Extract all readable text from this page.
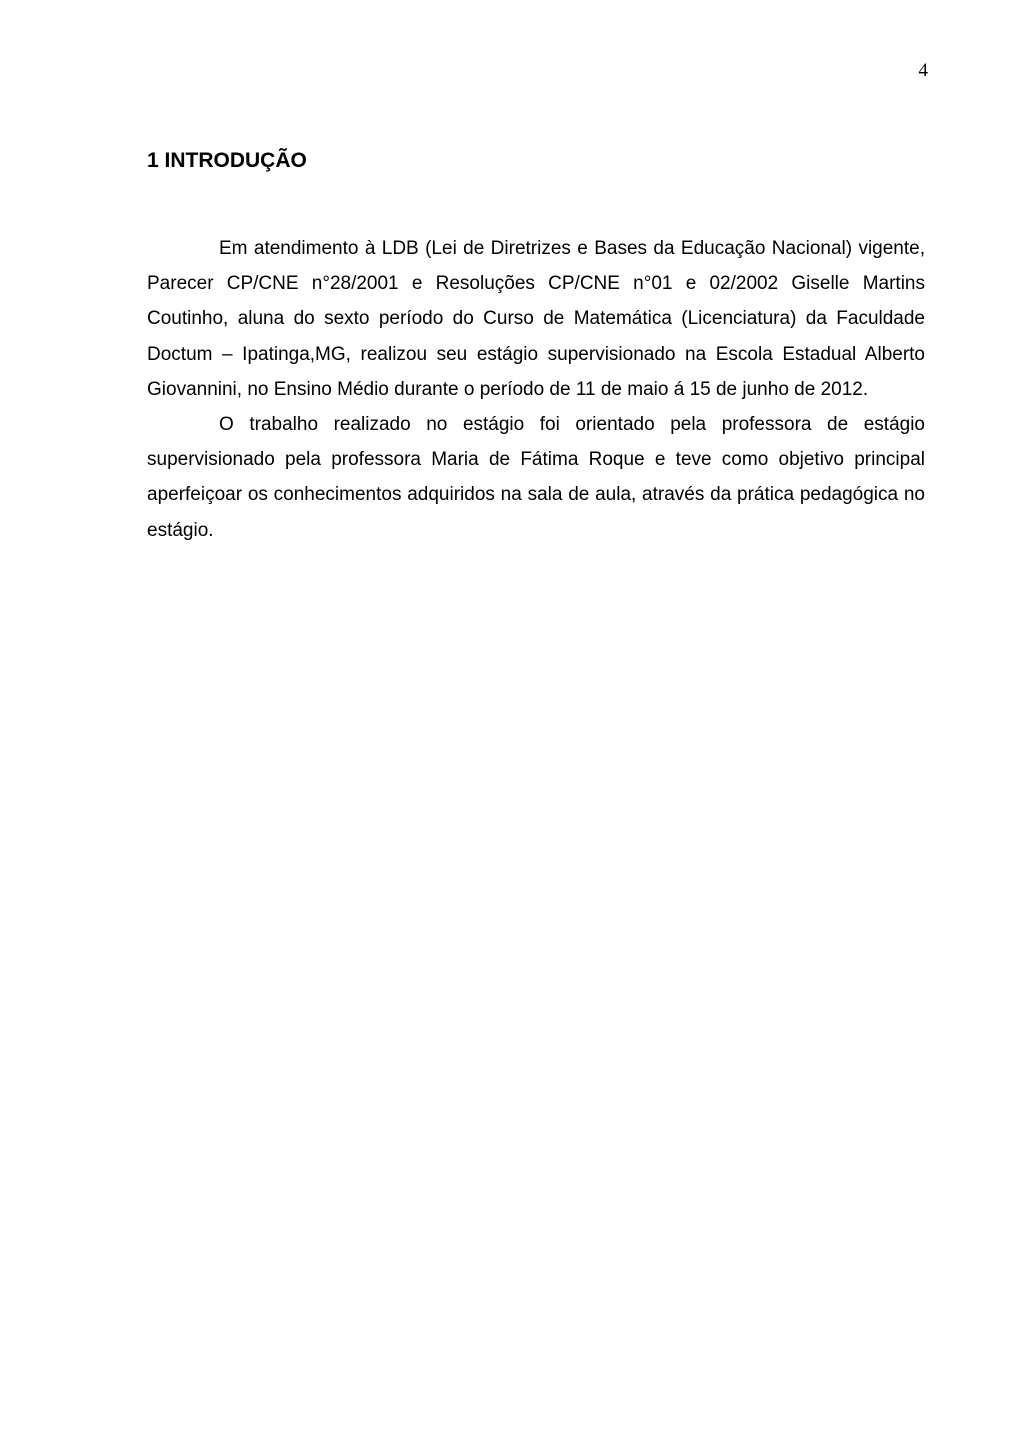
4
1 INTRODUÇÃO

Em atendimento à LDB (Lei de Diretrizes e Bases da Educação Nacional) vigente, Parecer CP/CNE n°28/2001 e Resoluções CP/CNE n°01 e 02/2002 Giselle Martins Coutinho, aluna do sexto período do Curso de Matemática (Licenciatura) da Faculdade Doctum – Ipatinga,MG, realizou seu estágio supervisionado na Escola Estadual Alberto Giovannini, no Ensino Médio durante o período de 11 de maio á 15 de junho de 2012.

O trabalho realizado no estágio foi orientado pela professora de estágio supervisionado pela professora Maria de Fátima Roque e teve como objetivo principal aperfeiçoar os conhecimentos adquiridos na sala de aula, através da prática pedagógica no estágio.
